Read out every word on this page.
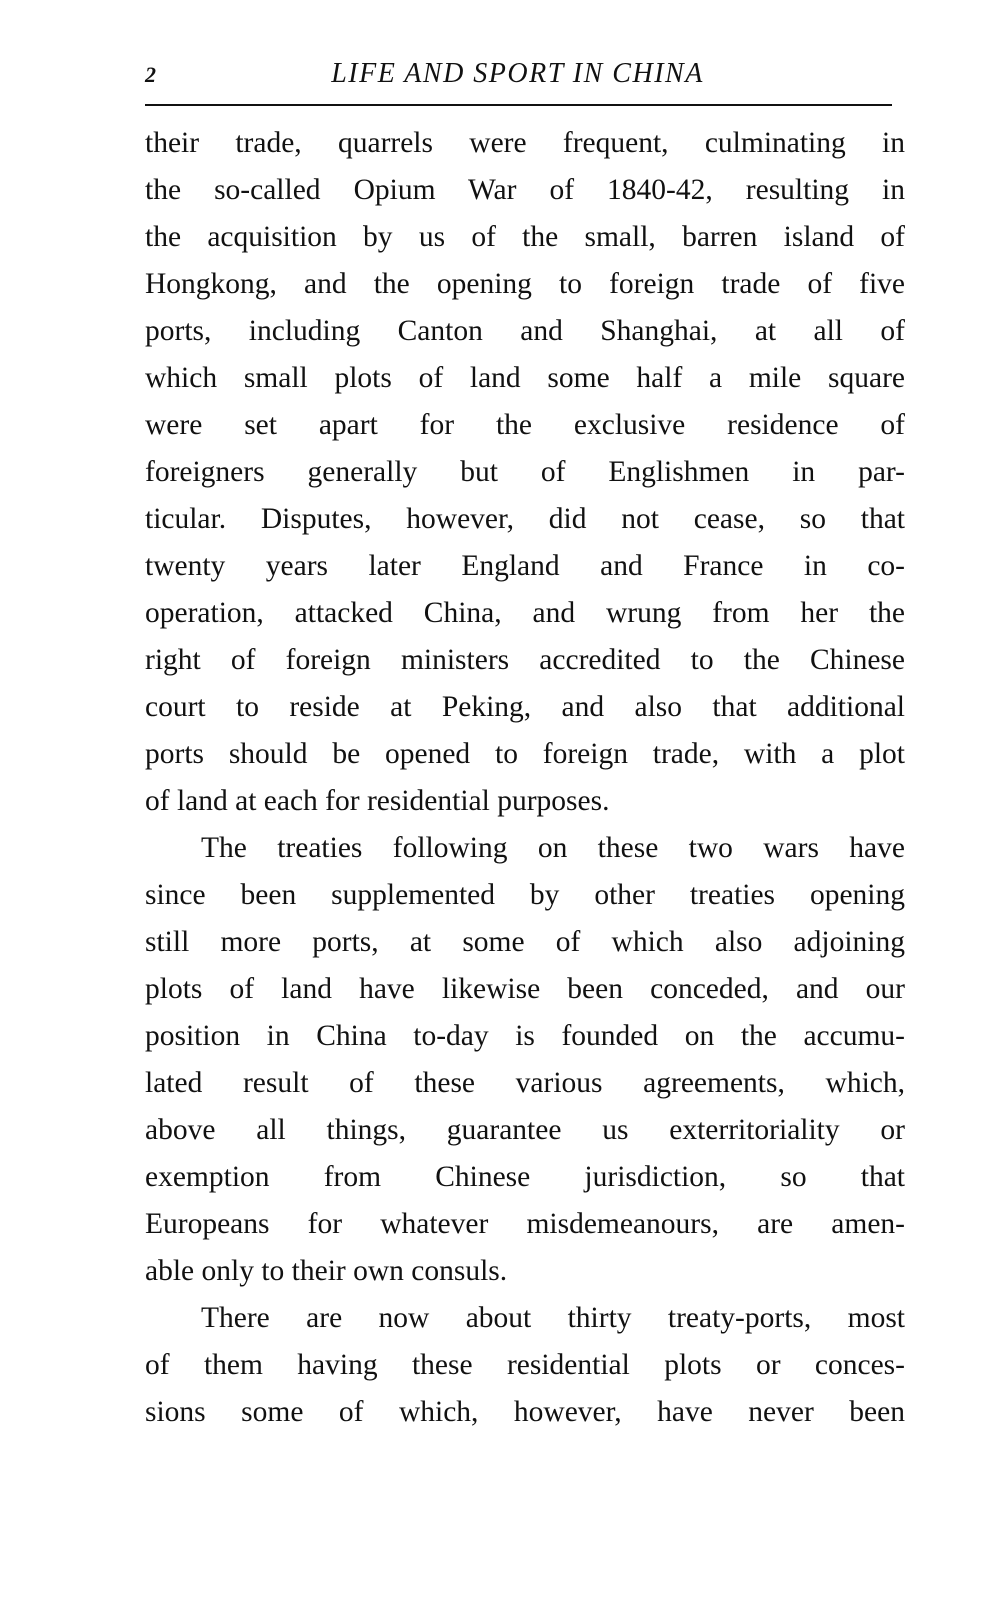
2	LIFE AND SPORT IN CHINA
their trade, quarrels were frequent, culminating in
the so-called Opium War of 1840-42, resulting in
the acquisition by us of the small, barren island of
Hongkong, and the opening to foreign trade of five
ports, including Canton and Shanghai, at all of
which small plots of land some half a mile square
were set apart for the exclusive residence of
foreigners generally but of Englishmen in par-
ticular. Disputes, however, did not cease, so that
twenty years later England and France in co-
operation, attacked China, and wrung from her the
right of foreign ministers accredited to the Chinese
court to reside at Peking, and also that additional
ports should be opened to foreign trade, with a plot
of land at each for residential purposes.
The treaties following on these two wars have
since been supplemented by other treaties opening
still more ports, at some of which also adjoining
plots of land have likewise been conceded, and our
position in China to-day is founded on the accumu-
lated result of these various agreements, which,
above all things, guarantee us exterritoriality or
exemption from Chinese jurisdiction, so that
Europeans for whatever misdemeanours, are amen-
able only to their own consuls.
There are now about thirty treaty-ports, most
of them having these residential plots or conces-
sions some of which, however, have never been
